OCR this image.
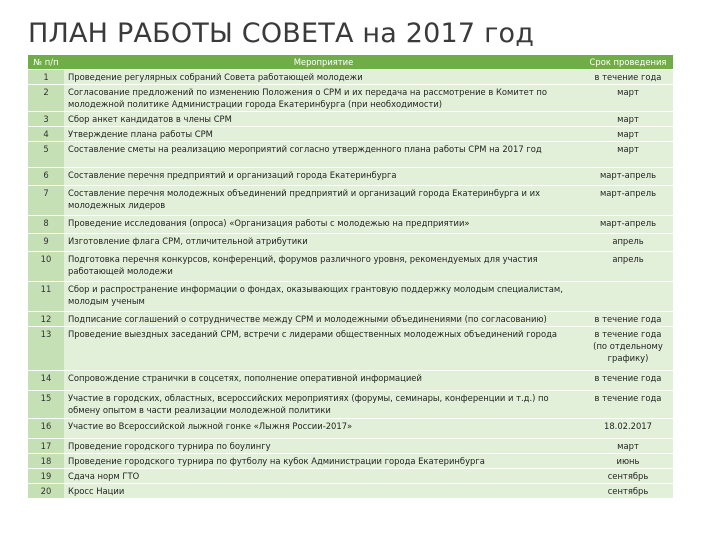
ПЛАН РАБОТЫ СОВЕТА на 2017 год
№ п/п	Мероприятие	Срок проведения
1	Проведение регулярных собраний Совета работающей молодежи	в течение года
2	Согласование предложений по изменению Положения о СРМ и их передача на рассмотрение в Комитет по молодежной политике Администрации города Екатеринбурга (при необходимости)	март
3	Сбор анкет кандидатов в члены СРМ	март
4	Утверждение плана работы СРМ	март
5	Составление сметы на реализацию мероприятий согласно утвержденного плана работы СРМ на 2017 год	март
6	Составление перечня предприятий и организаций города Екатеринбурга	март-апрель
7	Составление перечня молодежных объединений предприятий и организаций города Екатеринбурга и их молодежных лидеров	март-апрель
8	Проведение исследования (опроса) «Организация работы с молодежью на предприятии»	март-апрель
9	Изготовление флага СРМ, отличительной атрибутики	апрель
10	Подготовка перечня конкурсов, конференций, форумов различного уровня, рекомендуемых для участия работающей молодежи	апрель
11	Сбор и распространение информации о фондах, оказывающих грантовую поддержку молодым специалистам, молодым ученым	
12	Подписание соглашений о сотрудничестве между СРМ и молодежными объединениями (по согласованию)	в течение года
13	Проведение выездных заседаний СРМ, встречи с лидерами общественных молодежных объединений города	в течение года (по отдельному графику)
14	Сопровождение странички в соцсетях, пополнение оперативной информацией	в течение года
15	Участие в городских, областных, всероссийских мероприятиях (форумы, семинары, конференции и т.д.) по обмену опытом в части реализации молодежной политики	в течение года
16	Участие во Всероссийской лыжной гонке «Лыжня России-2017»	18.02.2017
17	Проведение городского турнира по боулингу	март
18	Проведение городского турнира по футболу на кубок Администрации города Екатеринбурга	июнь
19	Сдача норм ГТО	сентябрь
20	Кросс Нации	сентябрь
